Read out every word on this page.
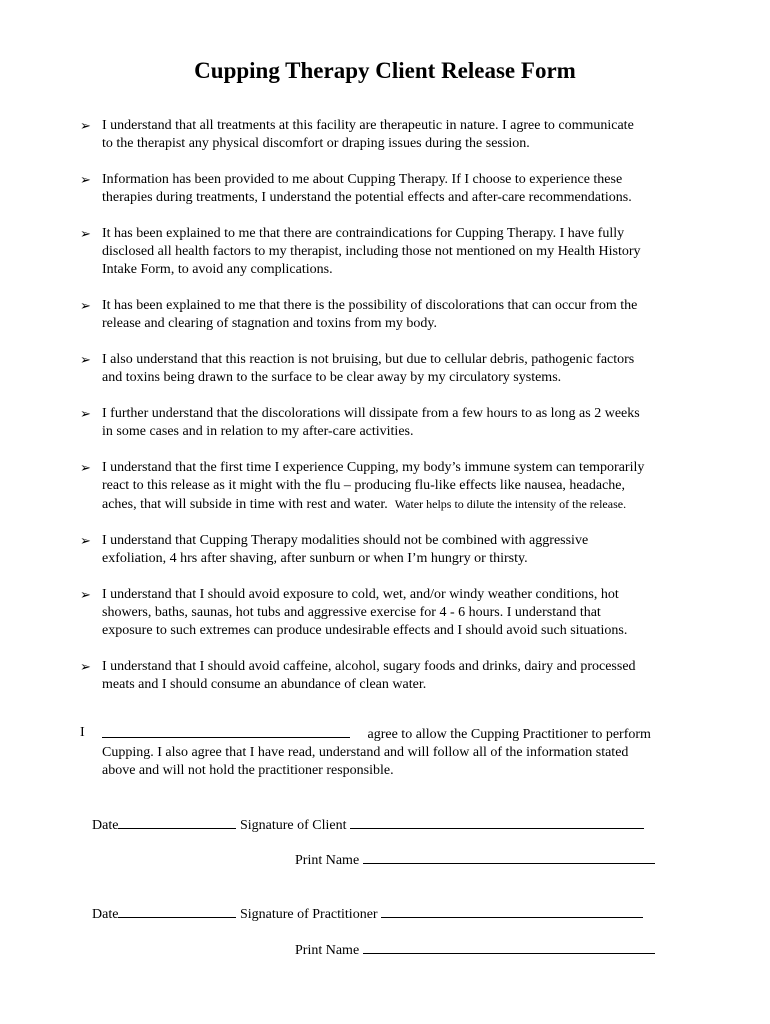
Cupping Therapy Client Release Form
➢ I understand that all treatments at this facility are therapeutic in nature. I agree to communicate
to the therapist any physical discomfort or draping issues during the session.
➢ Information has been provided to me about Cupping Therapy. If I choose to experience these
therapies during treatments, I understand the potential effects and after-care recommendations.
➢ It has been explained to me that there are contraindications for Cupping Therapy. I have fully
disclosed all health factors to my therapist, including those not mentioned on my Health History
Intake Form, to avoid any complications.
➢ It has been explained to me that there is the possibility of discolorations that can occur from the
release and clearing of stagnation and toxins from my body.
➢ I also understand that this reaction is not bruising, but due to cellular debris, pathogenic factors
and toxins being drawn to the surface to be clear away by my circulatory systems.
➢ I further understand that the discolorations will dissipate from a few hours to as long as 2 weeks
in some cases and in relation to my after-care activities.
➢ I understand that the first time I experience Cupping, my body’s immune system can temporarily
react to this release as it might with the flu – producing flu-like effects like nausea, headache,
aches, that will subside in time with rest and water. Water helps to dilute the intensity of the release.
➢ I understand that Cupping Therapy modalities should not be combined with aggressive
exfoliation, 4 hrs after shaving, after sunburn or when I’m hungry or thirsty.
➢ I understand that I should avoid exposure to cold, wet, and/or windy weather conditions, hot
showers, baths, saunas, hot tubs and aggressive exercise for 4 - 6 hours. I understand that
exposure to such extremes can produce undesirable effects and I should avoid such situations.
➢ I understand that I should avoid caffeine, alcohol, sugary foods and drinks, dairy and processed
meats and I should consume an abundance of clean water.
I	agree to allow the Cupping Practitioner to perform
Cupping. I also agree that I have read, understand and will follow all of the information stated
above and will not hold the practitioner responsible.
Date	Signature of Client
Print Name
Date	Signature of Practitioner
Print Name
